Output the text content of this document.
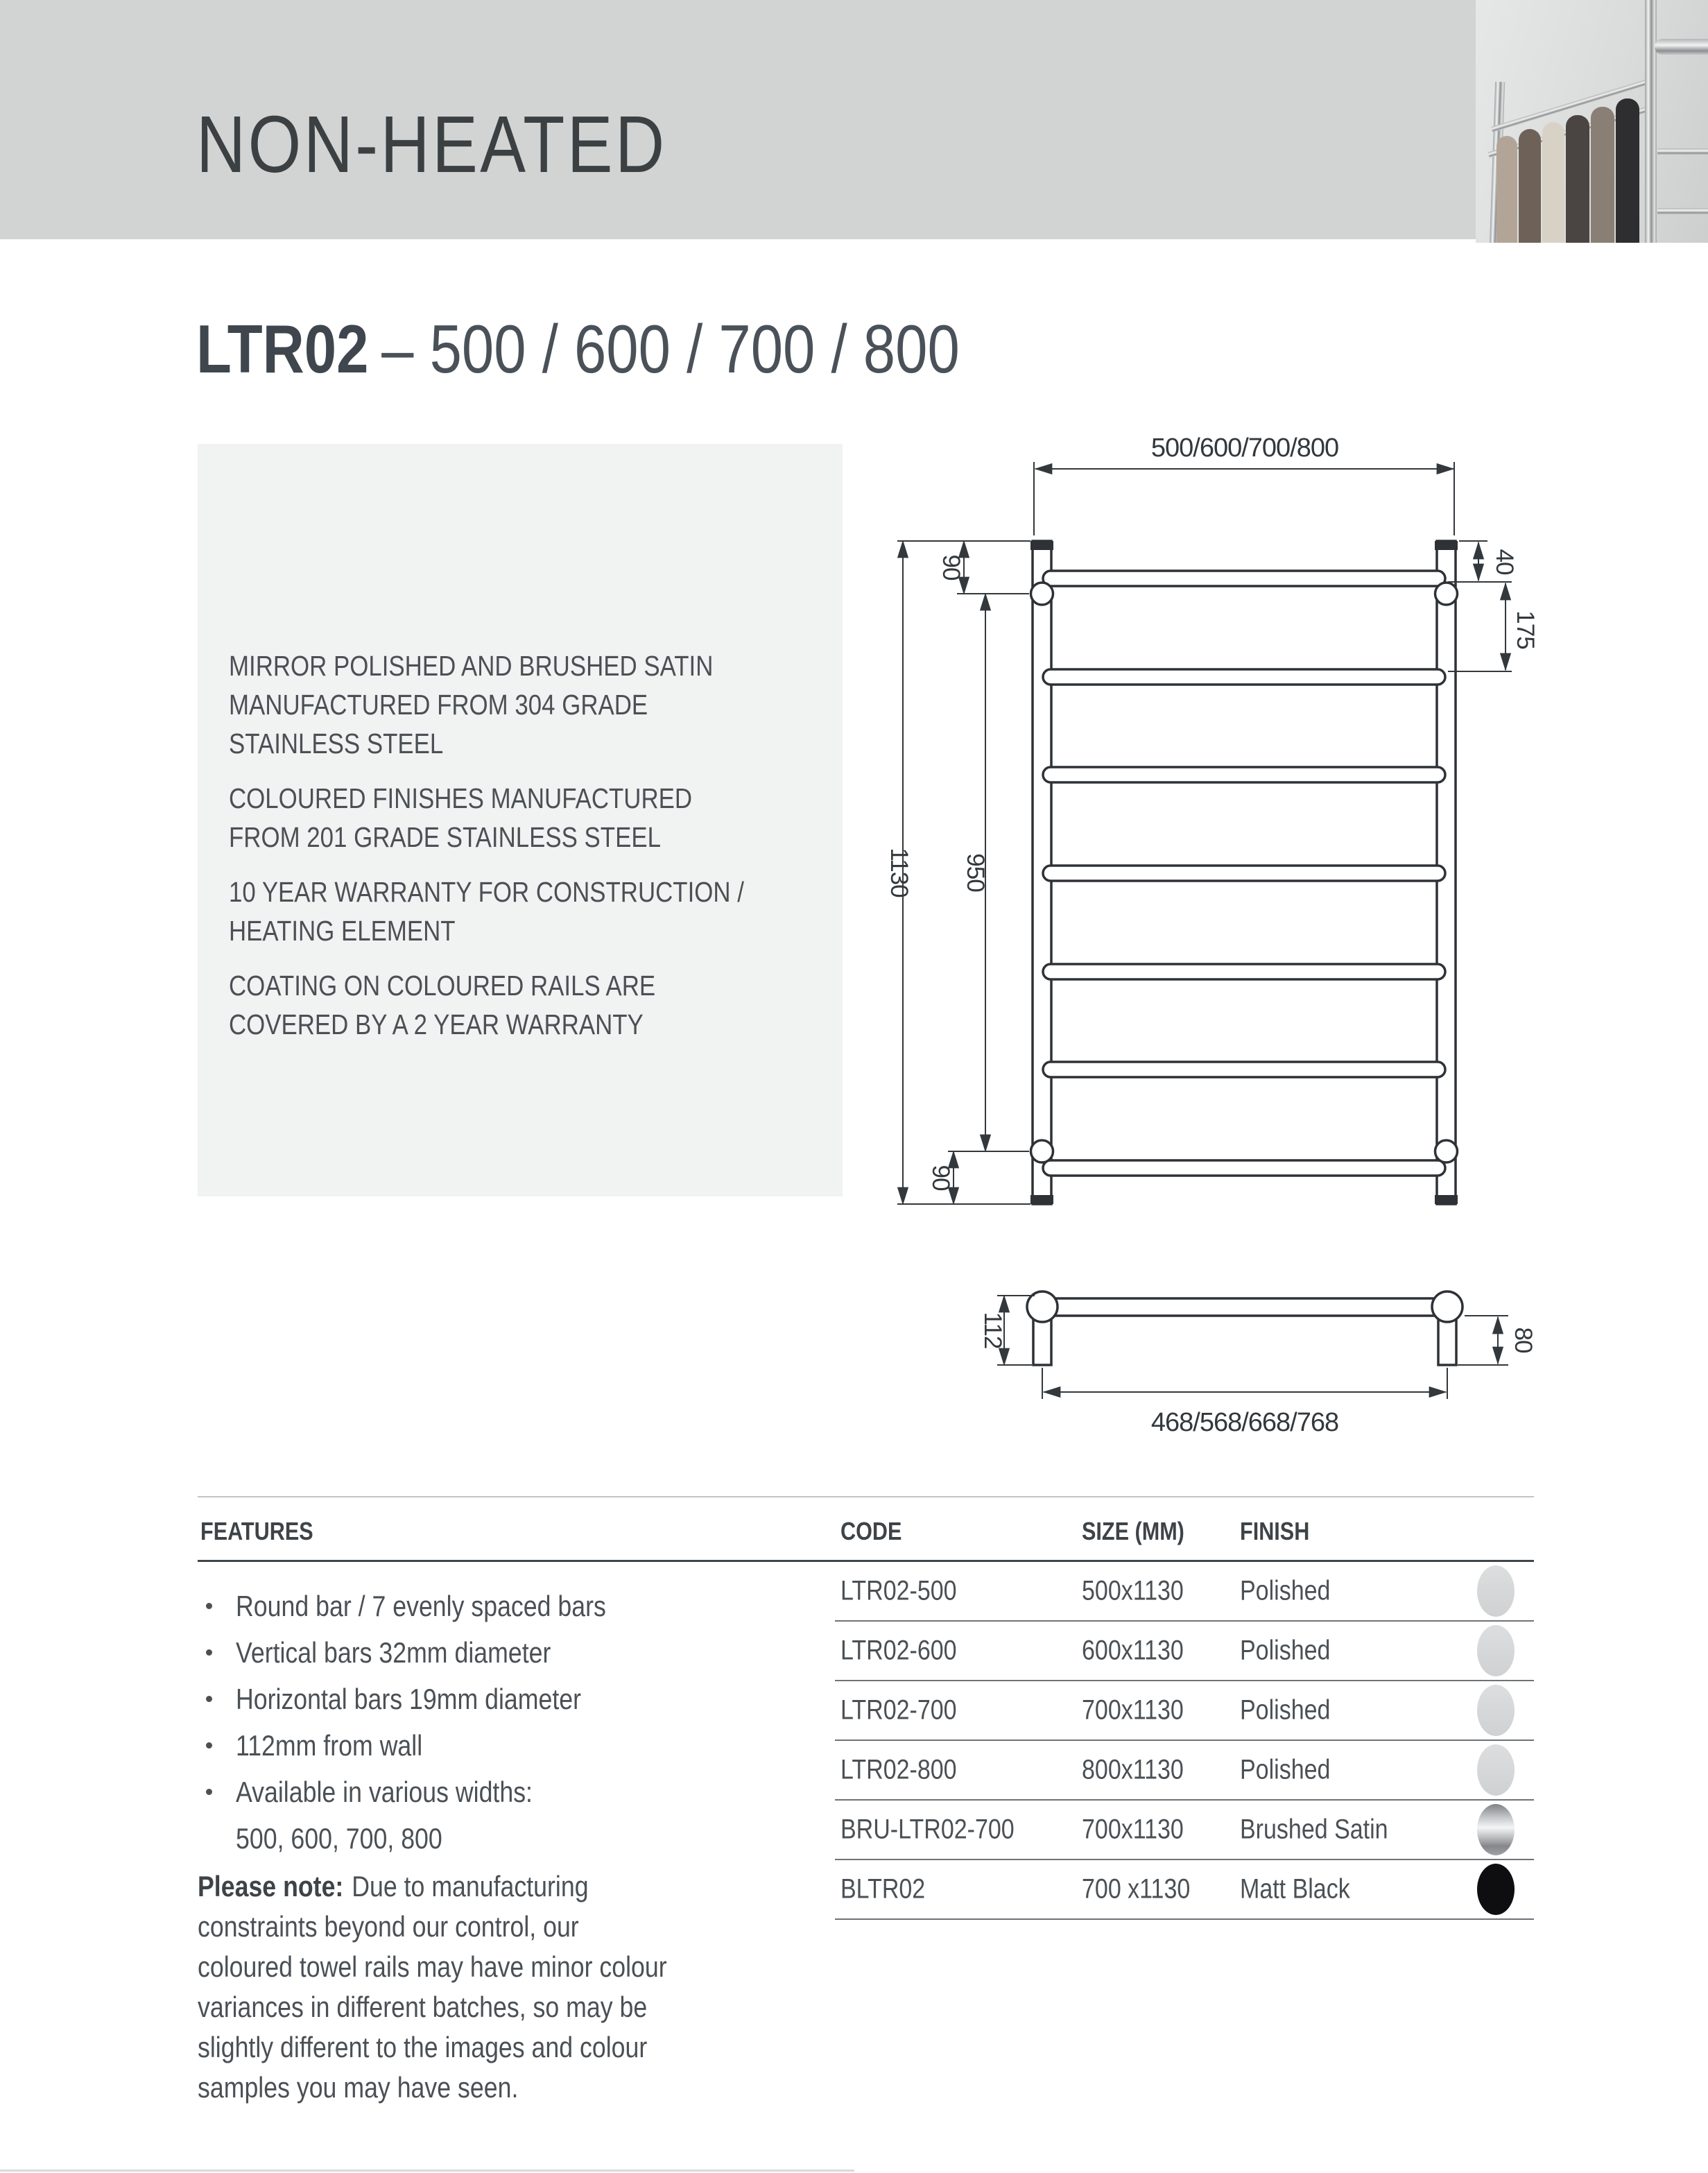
NON-HEATED
LTR02 – 500 / 600 / 700 / 800

MIRROR POLISHED AND BRUSHED SATIN
MANUFACTURED FROM 304 GRADE
STAINLESS STEEL

COLOURED FINISHES MANUFACTURED
FROM 201 GRADE STAINLESS STEEL

10 YEAR WARRANTY FOR CONSTRUCTION /
HEATING ELEMENT

COATING ON COLOURED RAILS ARE
COVERED BY A 2 YEAR WARRANTY

500/600/700/800
90
1130 950
90
40
175
112	80
468/568/668/768
FEATURES	CODE	SIZE (MM)	FINISH
LTR02-500	500x1130	Polished
LTR02-600	600x1130	Polished
LTR02-700	700x1130	Polished
LTR02-800	800x1130	Polished
BRU-LTR02-700	700x1130	Brushed Satin
BLTR02	700 x1130	Matt Black
Round bar / 7 evenly spaced bars
Vertical bars 32mm diameter
Horizontal bars 19mm diameter
112mm from wall
Available in various widths:
500, 600, 700, 800
Please note: Due to manufacturing
constraints beyond our control, our
coloured towel rails may have minor colour
variances in different batches, so may be
slightly different to the images and colour
samples you may have seen.
